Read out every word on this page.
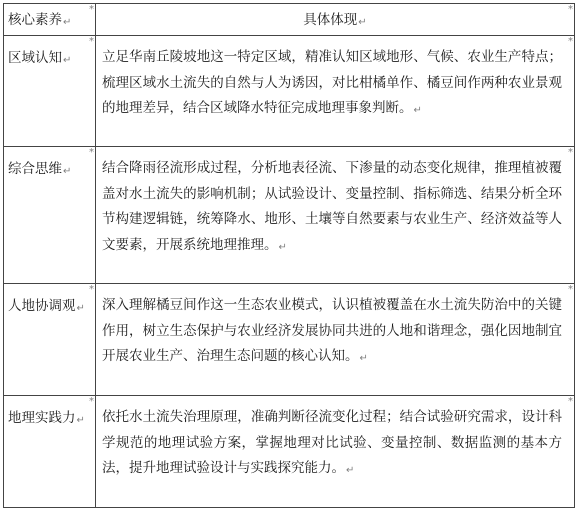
核心素养↵
*	具体体现↵
*

区域认知↵
*	立足华南丘陵坡地这一特定区域，精准认知区域地形、气候、农业生产特点；梳理区域水土流失的自然与人为诱因，对比柑橘单作、橘豆间作两种农业景观的地理差异，结合区域降水特征完成地理事象判断。↵
*

综合思维↵
*	结合降雨径流形成过程，分析地表径流、下渗量的动态变化规律，推理植被覆盖对水土流失的影响机制；从试验设计、变量控制、指标筛选、结果分析全环节构建逻辑链，统筹降水、地形、土壤等自然要素与农业生产、经济效益等人文要素，开展系统地理推理。↵
*

人地协调观↵
*	深入理解橘豆间作这一生态农业模式，认识植被覆盖在水土流失防治中的关键作用，树立生态保护与农业经济发展协同共进的人地和谐理念，强化因地制宜开展农业生产、治理生态问题的核心认知。↵
*

地理实践力↵
*	依托水土流失治理原理，准确判断径流变化过程；结合试验研究需求，设计科学规范的地理试验方案，掌握地理对比试验、变量控制、数据监测的基本方法，提升地理试验设计与实践探究能力。↵
*
